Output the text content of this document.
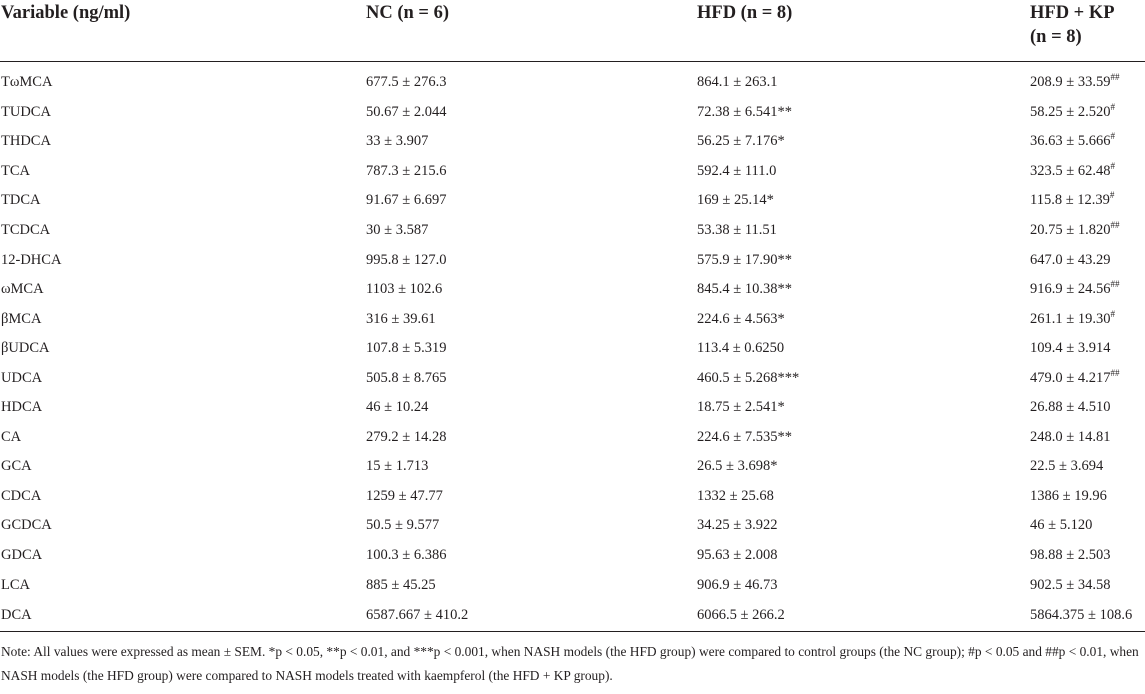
Variable (ng/ml)	NC (n = 6)	HFD (n = 8)	HFD + KP
(n = 8)

TωMCA	677.5 ± 276.3	864.1 ± 263.1	208.9 ± 33.59##
TUDCA	50.67 ± 2.044	72.38 ± 6.541**	58.25 ± 2.520#
THDCA	33 ± 3.907	56.25 ± 7.176*	36.63 ± 5.666#
TCA	787.3 ± 215.6	592.4 ± 111.0	323.5 ± 62.48#
TDCA	91.67 ± 6.697	169 ± 25.14*	115.8 ± 12.39#
TCDCA	30 ± 3.587	53.38 ± 11.51	20.75 ± 1.820##
12-DHCA	995.8 ± 127.0	575.9 ± 17.90**	647.0 ± 43.29
ωMCA	1103 ± 102.6	845.4 ± 10.38**	916.9 ± 24.56##
βMCA	316 ± 39.61	224.6 ± 4.563*	261.1 ± 19.30#
βUDCA	107.8 ± 5.319	113.4 ± 0.6250	109.4 ± 3.914
UDCA	505.8 ± 8.765	460.5 ± 5.268***	479.0 ± 4.217##
HDCA	46 ± 10.24	18.75 ± 2.541*	26.88 ± 4.510
CA	279.2 ± 14.28	224.6 ± 7.535**	248.0 ± 14.81
GCA	15 ± 1.713	26.5 ± 3.698*	22.5 ± 3.694
CDCA	1259 ± 47.77	1332 ± 25.68	1386 ± 19.96
GCDCA	50.5 ± 9.577	34.25 ± 3.922	46 ± 5.120
GDCA	100.3 ± 6.386	95.63 ± 2.008	98.88 ± 2.503
LCA	885 ± 45.25	906.9 ± 46.73	902.5 ± 34.58
DCA	6587.667 ± 410.2	6066.5 ± 266.2	5864.375 ± 108.6
Note: All values were expressed as mean ± SEM. *p < 0.05, **p < 0.01, and ***p < 0.001, when NASH models (the HFD group) were compared to control groups (the NC group); #p < 0.05 and ##p < 0.01, when NASH models (the HFD group) were compared to NASH models treated with kaempferol (the HFD + KP group).
